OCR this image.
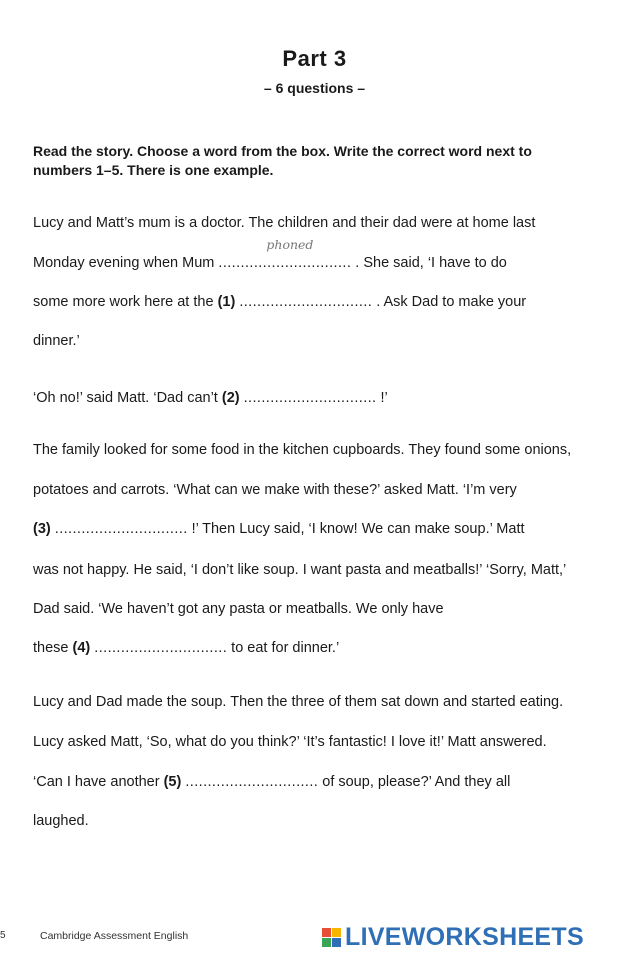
Part 3
– 6 questions –
Read the story. Choose a word from the box. Write the correct word next to numbers 1–5. There is one example.
Lucy and Matt’s mum is a doctor. The children and their dad were at home last
Monday evening when Mum ..............................
phoned
. She said, ‘I have to do
some more work here at the (1) .............................. . Ask Dad to make your
dinner.’
‘Oh no!’ said Matt. ‘Dad can’t (2) .............................. !’
The family looked for some food in the kitchen cupboards. They found some onions,
potatoes and carrots. ‘What can we make with these?’ asked Matt. ‘I’m very
(3) .............................. !’ Then Lucy said, ‘I know! We can make soup.’ Matt
was not happy. He said, ‘I don’t like soup. I want pasta and meatballs!’ ‘Sorry, Matt,’
Dad said. ‘We haven’t got any pasta or meatballs. We only have
these (4) .............................. to eat for dinner.’
Lucy and Dad made the soup. Then the three of them sat down and started eating.
Lucy asked Matt, ‘So, what do you think?’ ‘It’s fantastic! I love it!’ Matt answered.
‘Can I have another (5) .............................. of soup, please?’ And they all
laughed.
5	Cambridge Assessment English	LIVEWORKSHEETS
